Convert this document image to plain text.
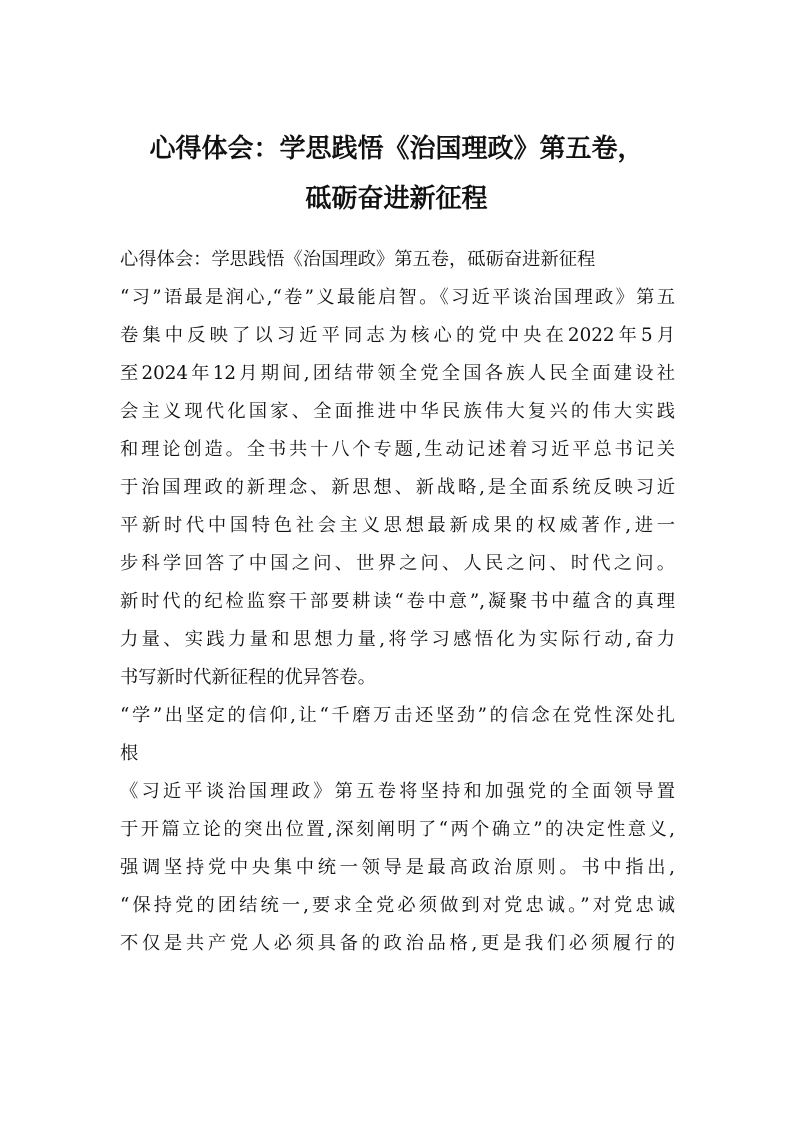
心得体会：学思践悟《治国理政》第五卷，
砥砺奋进新征程
心得体会：学思践悟《治国理政》第五卷，砥砺奋进新征程
“习”语最是润心,“卷”义最能启智。《习近平谈治国理政》第五
卷集中反映了以习近平同志为核心的党中央在2022年5月
至2024年12月期间,团结带领全党全国各族人民全面建设社
会主义现代化国家、全面推进中华民族伟大复兴的伟大实践
和理论创造。全书共十八个专题,生动记述着习近平总书记关
于治国理政的新理念、新思想、新战略,是全面系统反映习近
平新时代中国特色社会主义思想最新成果的权威著作,进一
步科学回答了中国之问、世界之问、人民之问、时代之问。
新时代的纪检监察干部要耕读“卷中意”,凝聚书中蕴含的真理
力量、实践力量和思想力量,将学习感悟化为实际行动,奋力
书写新时代新征程的优异答卷。
“学”出坚定的信仰,让“千磨万击还坚劲”的信念在党性深处扎
根
《习近平谈治国理政》第五卷将坚持和加强党的全面领导置
于开篇立论的突出位置,深刻阐明了“两个确立”的决定性意义,
强调坚持党中央集中统一领导是最高政治原则。书中指出,
“保持党的团结统一,要求全党必须做到对党忠诚。”对党忠诚
不仅是共产党人必须具备的政治品格,更是我们必须履行的
